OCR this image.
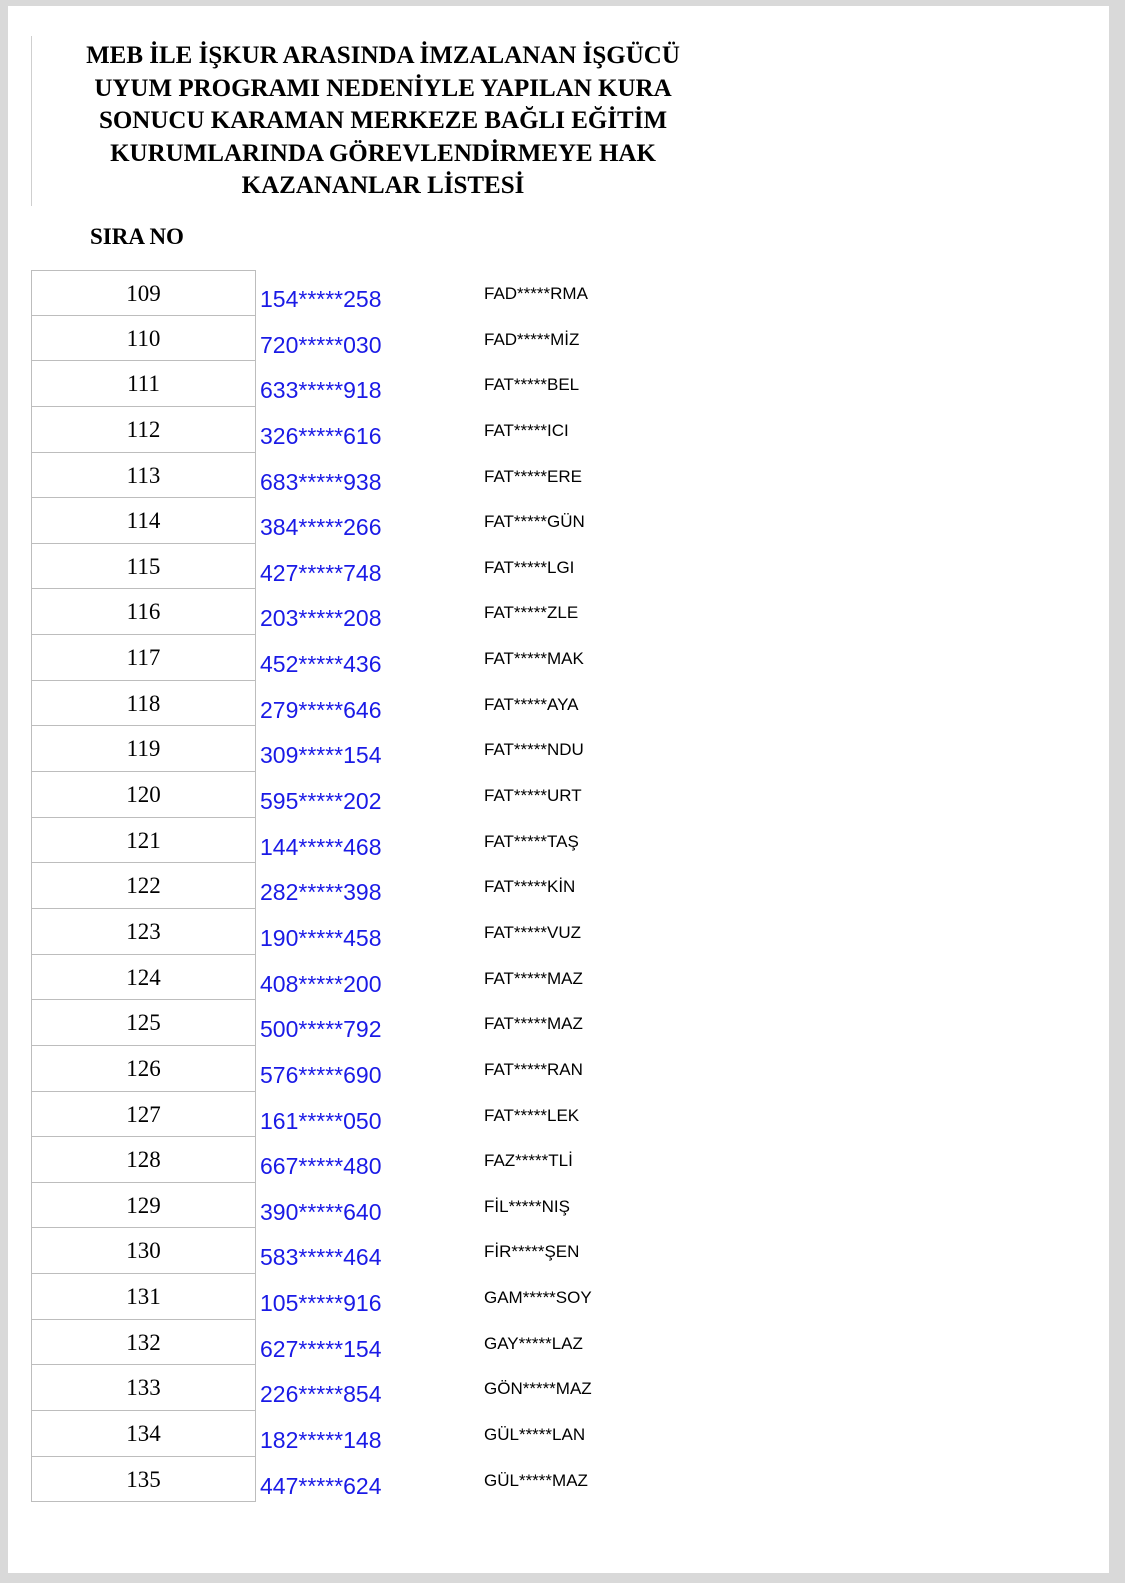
MEB İLE İŞKUR ARASINDA İMZALANAN İŞGÜCÜ
UYUM PROGRAMI NEDENİYLE YAPILAN KURA
SONUCU KARAMAN MERKEZE BAĞLI EĞİTİM
KURUMLARINDA GÖREVLENDİRMEYE HAK
KAZANANLAR LİSTESİ
SIRA NO
109	154*****258	FAD*****RMA
110	720*****030	FAD*****MİZ
111	633*****918	FAT*****BEL
112	326*****616	FAT*****ICI
113	683*****938	FAT*****ERE
114	384*****266	FAT*****GÜN
115	427*****748	FAT*****LGI
116	203*****208	FAT*****ZLE
117	452*****436	FAT*****MAK
118	279*****646	FAT*****AYA
119	309*****154	FAT*****NDU
120	595*****202	FAT*****URT
121	144*****468	FAT*****TAŞ
122	282*****398	FAT*****KİN
123	190*****458	FAT*****VUZ
124	408*****200	FAT*****MAZ
125	500*****792	FAT*****MAZ
126	576*****690	FAT*****RAN
127	161*****050	FAT*****LEK
128	667*****480	FAZ*****TLİ
129	390*****640	FİL*****NIŞ
130	583*****464	FİR*****ŞEN
131	105*****916	GAM*****SOY
132	627*****154	GAY*****LAZ
133	226*****854	GÖN*****MAZ
134	182*****148	GÜL*****LAN
135	447*****624	GÜL*****MAZ
